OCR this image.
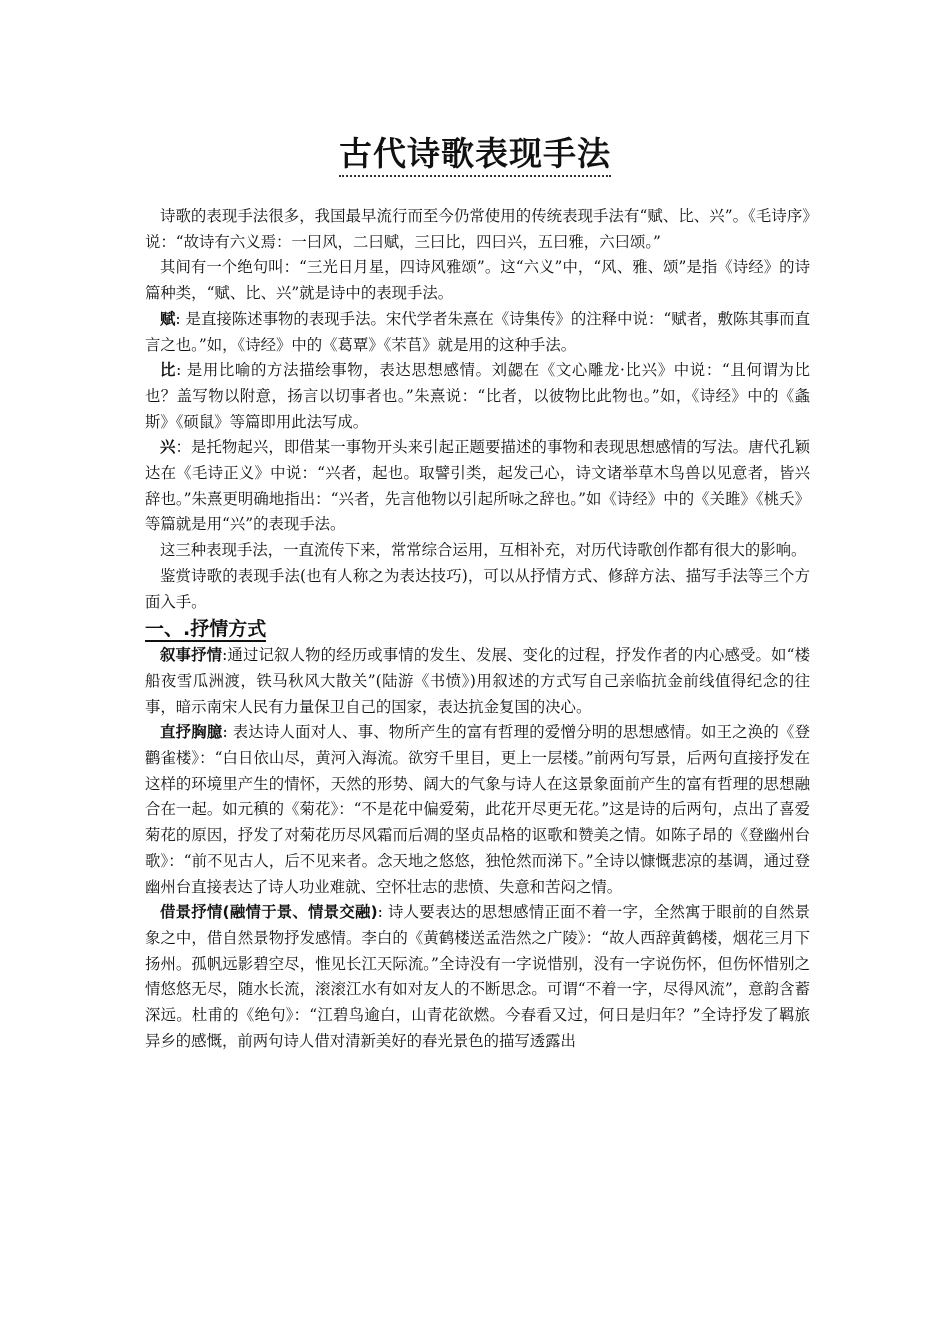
古代诗歌表现手法

诗歌的表现手法很多，我国最早流行而至今仍常使用的传统表现手法有“赋、比、兴”。《毛诗序》说：“故诗有六义焉：一曰风，二曰赋，三曰比，四曰兴，五曰雅，六曰颂。”

其间有一个绝句叫：“三光日月星，四诗风雅颂”。这“六义”中，“风、雅、颂”是指《诗经》的诗篇种类，“赋、比、兴”就是诗中的表现手法。

赋: 是直接陈述事物的表现手法。宋代学者朱熹在《诗集传》的注释中说：“赋者，敷陈其事而直言之也。”如，《诗经》中的《葛覃》《芣苢》就是用的这种手法。

比: 是用比喻的方法描绘事物，表达思想感情。刘勰在《文心雕龙·比兴》中说：“且何谓为比也？盖写物以附意，扬言以切事者也。”朱熹说：“比者，以彼物比此物也。”如，《诗经》中的《螽斯》《硕鼠》等篇即用此法写成。

兴：是托物起兴，即借某一事物开头来引起正题要描述的事物和表现思想感情的写法。唐代孔颖达在《毛诗正义》中说：“兴者，起也。取譬引类，起发己心，诗文诸举草木鸟兽以见意者，皆兴辞也。”朱熹更明确地指出：“兴者，先言他物以引起所咏之辞也。”如《诗经》中的《关雎》《桃夭》等篇就是用“兴”的表现手法。

这三种表现手法，一直流传下来，常常综合运用，互相补充，对历代诗歌创作都有很大的影响。

鉴赏诗歌的表现手法(也有人称之为表达技巧)，可以从抒情方式、修辞方法、描写手法等三个方面入手。

一、.抒情方式

叙事抒情:通过记叙人物的经历或事情的发生、发展、变化的过程，抒发作者的内心感受。如“楼船夜雪瓜洲渡，铁马秋风大散关”(陆游《书愤》)用叙述的方式写自己亲临抗金前线值得纪念的往事，暗示南宋人民有力量保卫自己的国家，表达抗金复国的决心。

直抒胸臆: 表达诗人面对人、事、物所产生的富有哲理的爱憎分明的思想感情。如王之涣的《登鹳雀楼》：“白日依山尽，黄河入海流。欲穷千里目，更上一层楼。”前两句写景，后两句直接抒发在这样的环境里产生的情怀，天然的形势、阔大的气象与诗人在这景象面前产生的富有哲理的思想融合在一起。如元稹的《菊花》：“不是花中偏爱菊，此花开尽更无花。”这是诗的后两句，点出了喜爱菊花的原因，抒发了对菊花历尽风霜而后凋的坚贞品格的讴歌和赞美之情。如陈子昂的《登幽州台歌》：“前不见古人，后不见来者。念天地之悠悠，独怆然而涕下。”全诗以慷慨悲凉的基调，通过登幽州台直接表达了诗人功业难就、空怀壮志的悲愤、失意和苦闷之情。

借景抒情(融情于景、情景交融): 诗人要表达的思想感情正面不着一字，全然寓于眼前的自然景象之中，借自然景物抒发感情。李白的《黄鹤楼送孟浩然之广陵》：“故人西辞黄鹤楼，烟花三月下扬州。孤帆远影碧空尽，惟见长江天际流。”全诗没有一字说惜别，没有一字说伤怀，但伤怀惜别之情悠悠无尽，随水长流，滚滚江水有如对友人的不断思念。可谓“不着一字，尽得风流”，意韵含蓄深远。杜甫的《绝句》：“江碧鸟逾白，山青花欲燃。今春看又过，何日是归年？”全诗抒发了羁旅异乡的感慨，前两句诗人借对清新美好的春光景色的描写透露出
